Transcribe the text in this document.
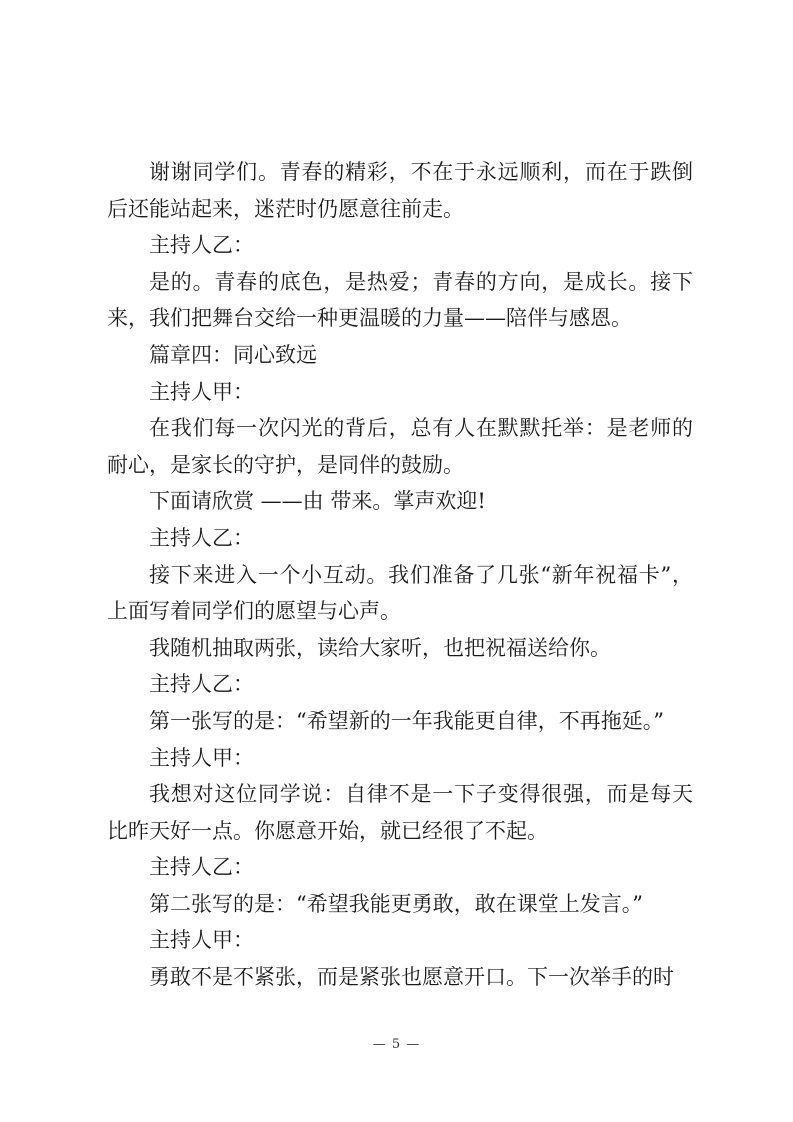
谢谢同学们。青春的精彩，不在于永远顺利，而在于跌倒后还能站起来，迷茫时仍愿意往前走。

主持人乙：

是的。青春的底色，是热爱；青春的方向，是成长。接下来，我们把舞台交给一种更温暖的力量——陪伴与感恩。

篇章四：同心致远

主持人甲：

在我们每一次闪光的背后，总有人在默默托举：是老师的耐心，是家长的守护，是同伴的鼓励。

下面请欣赏 ——由 带来。掌声欢迎!

主持人乙：

接下来进入一个小互动。我们准备了几张“新年祝福卡”，上面写着同学们的愿望与心声。

我随机抽取两张，读给大家听，也把祝福送给你。

主持人乙：

第一张写的是：“希望新的一年我能更自律，不再拖延。”

主持人甲：

我想对这位同学说：自律不是一下子变得很强，而是每天比昨天好一点。你愿意开始，就已经很了不起。

主持人乙：

第二张写的是：“希望我能更勇敢，敢在课堂上发言。”

主持人甲：

勇敢不是不紧张，而是紧张也愿意开口。下一次举手的时

— 5 —
